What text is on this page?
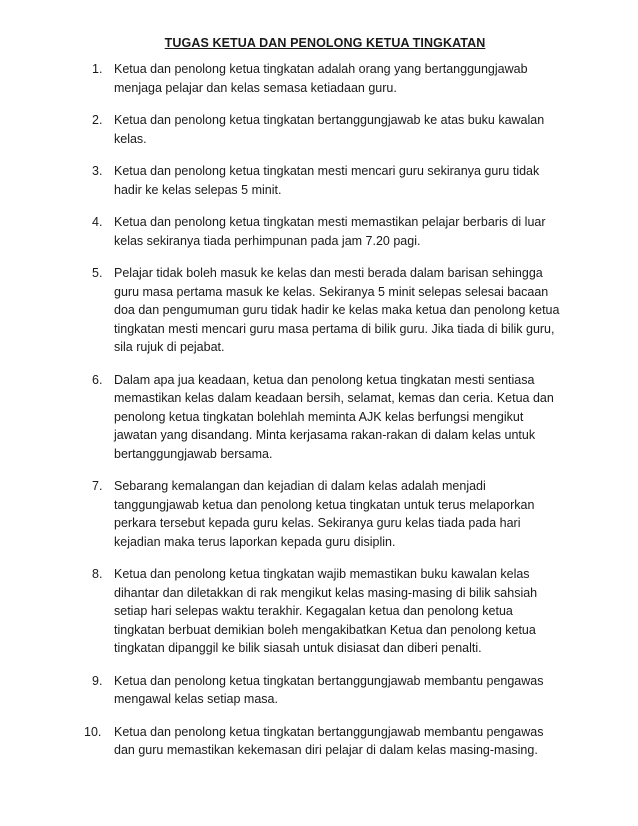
TUGAS KETUA DAN PENOLONG KETUA TINGKATAN
1. Ketua dan penolong ketua tingkatan adalah orang yang bertanggungjawab
menjaga pelajar dan kelas semasa ketiadaan guru.
2. Ketua dan penolong ketua tingkatan bertanggungjawab ke atas buku kawalan
kelas.
3. Ketua dan penolong ketua tingkatan mesti mencari guru sekiranya guru tidak
hadir ke kelas selepas 5 minit.
4. Ketua dan penolong ketua tingkatan mesti memastikan pelajar berbaris di luar
kelas sekiranya tiada perhimpunan pada jam 7.20 pagi.
5. Pelajar tidak boleh masuk ke kelas dan mesti berada dalam barisan sehingga
guru masa pertama masuk ke kelas. Sekiranya 5 minit selepas selesai bacaan
doa dan pengumuman guru tidak hadir ke kelas maka ketua dan penolong ketua
tingkatan mesti mencari guru masa pertama di bilik guru. Jika tiada di bilik guru,
sila rujuk di pejabat.
6. Dalam apa jua keadaan, ketua dan penolong ketua tingkatan mesti sentiasa
memastikan kelas dalam keadaan bersih, selamat, kemas dan ceria. Ketua dan
penolong ketua tingkatan bolehlah meminta AJK kelas berfungsi mengikut
jawatan yang disandang. Minta kerjasama rakan-rakan di dalam kelas untuk
bertanggungjawab bersama.
7. Sebarang kemalangan dan kejadian di dalam kelas adalah menjadi
tanggungjawab ketua dan penolong ketua tingkatan untuk terus melaporkan
perkara tersebut kepada guru kelas. Sekiranya guru kelas tiada pada hari
kejadian maka terus laporkan kepada guru disiplin.
8. Ketua dan penolong ketua tingkatan wajib memastikan buku kawalan kelas
dihantar dan diletakkan di rak mengikut kelas masing-masing di bilik sahsiah
setiap hari selepas waktu terakhir. Kegagalan ketua dan penolong ketua
tingkatan berbuat demikian boleh mengakibatkan Ketua dan penolong ketua
tingkatan dipanggil ke bilik siasah untuk disiasat dan diberi penalti.
9. Ketua dan penolong ketua tingkatan bertanggungjawab membantu pengawas
mengawal kelas setiap masa.
10. Ketua dan penolong ketua tingkatan bertanggungjawab membantu pengawas
dan guru memastikan kekemasan diri pelajar di dalam kelas masing-masing.
